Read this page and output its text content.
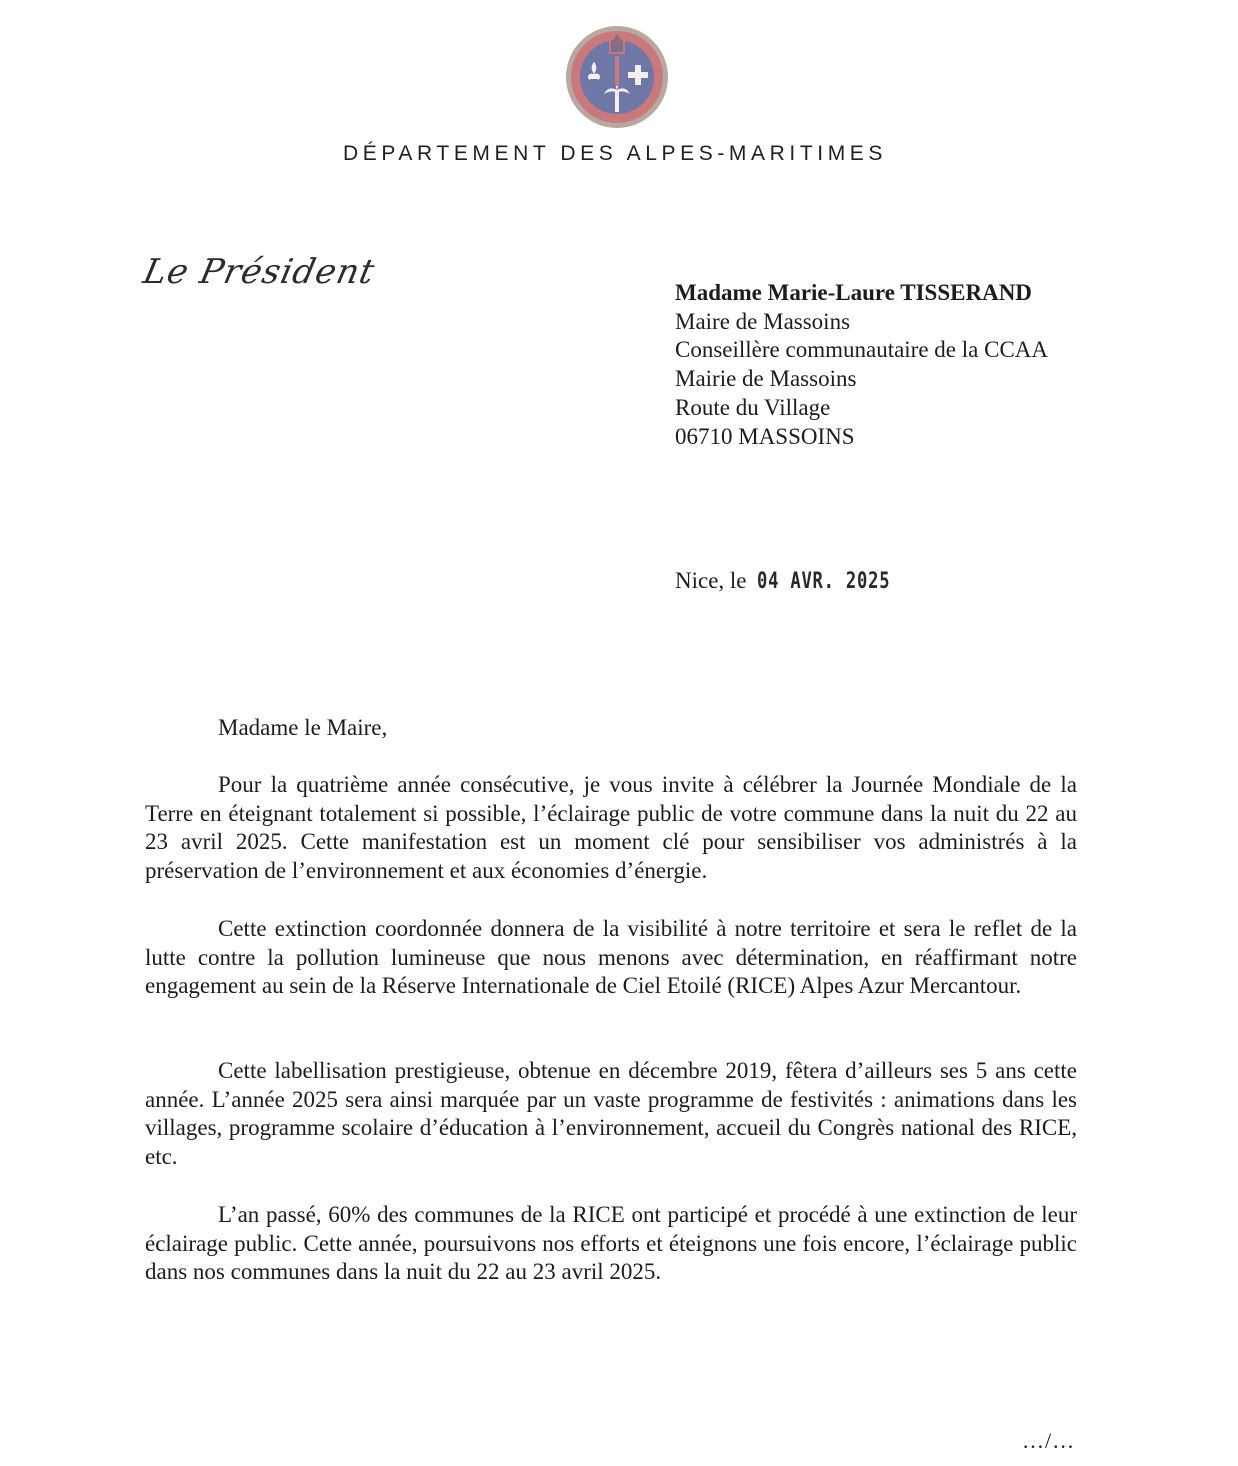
DÉPARTEMENT DES ALPES-MARITIMES
Le Président
Madame Marie-Laure TISSERAND
Maire de Massoins
Conseillère communautaire de la CCAA
Mairie de Massoins
Route du Village
06710 MASSOINS
Nice, le 04 AVR. 2025
Madame le Maire,

Pour la quatrième année consécutive, je vous invite à célébrer la Journée Mondiale de la Terre en éteignant totalement si possible, l’éclairage public de votre commune dans la nuit du 22 au 23 avril 2025. Cette manifestation est un moment clé pour sensibiliser vos administrés à la préservation de l’environnement et aux économies d’énergie.

Cette extinction coordonnée donnera de la visibilité à notre territoire et sera le reflet de la lutte contre la pollution lumineuse que nous menons avec détermination, en réaffirmant notre engagement au sein de la Réserve Internationale de Ciel Etoilé (RICE) Alpes Azur Mercantour.

Cette labellisation prestigieuse, obtenue en décembre 2019, fêtera d’ailleurs ses 5 ans cette année. L’année 2025 sera ainsi marquée par un vaste programme de festivités : animations dans les villages, programme scolaire d’éducation à l’environnement, accueil du Congrès national des RICE, etc.

L’an passé, 60% des communes de la RICE ont participé et procédé à une extinction de leur éclairage public. Cette année, poursuivons nos efforts et éteignons une fois encore, l’éclairage public dans nos communes dans la nuit du 22 au 23 avril 2025.

…/…
